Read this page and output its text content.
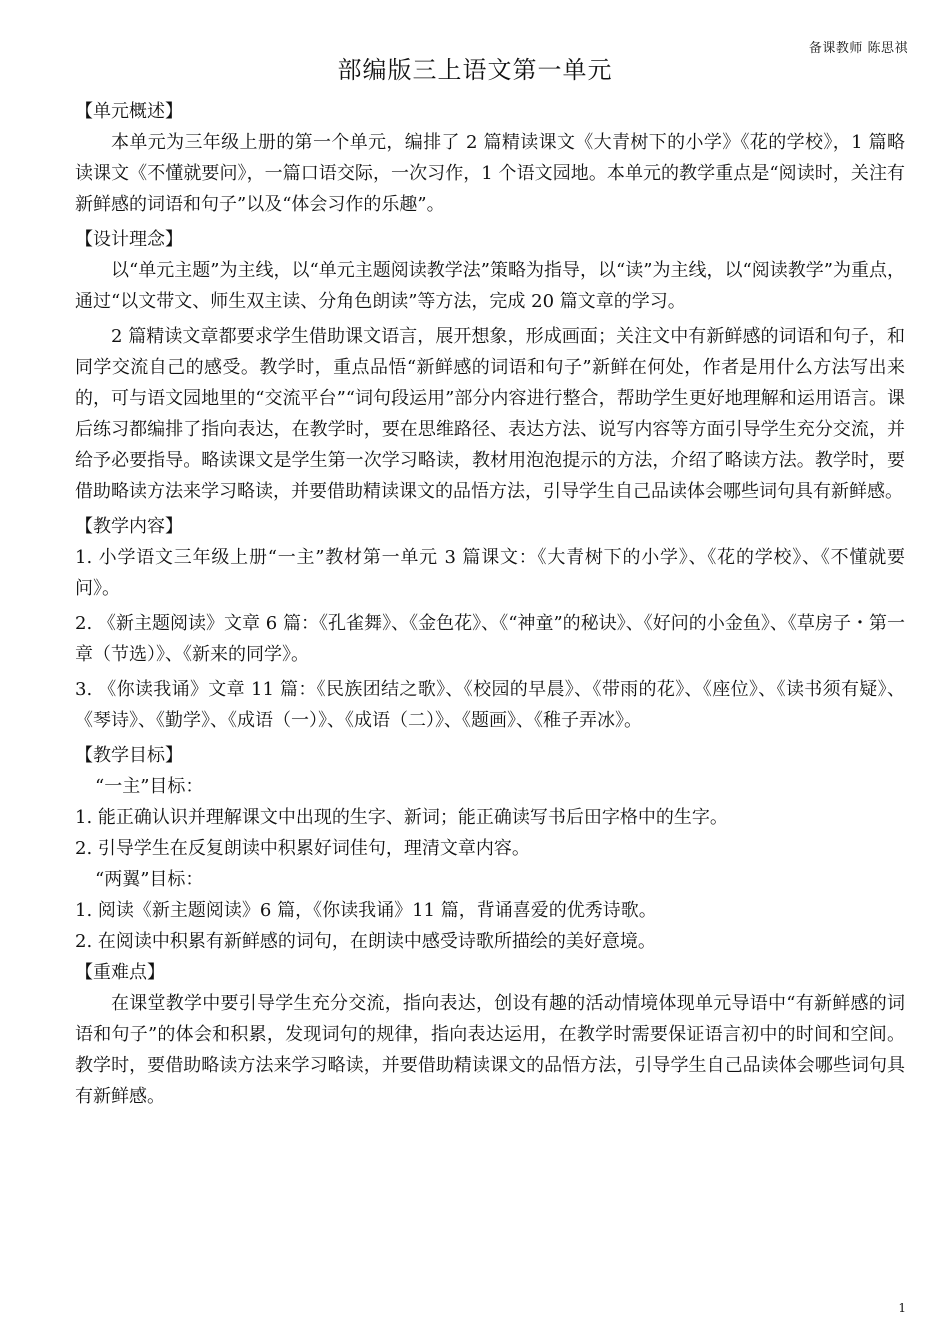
备课教师 陈思祺
部编版三上语文第一单元
【单元概述】

本单元为三年级上册的第一个单元，编排了 2 篇精读课文《大青树下的小学》《花的学校》，1 篇略读课文《不懂就要问》，一篇口语交际，一次习作，1 个语文园地。本单元的教学重点是“阅读时，关注有新鲜感的词语和句子”以及“体会习作的乐趣”。

【设计理念】

以“单元主题”为主线，以“单元主题阅读教学法”策略为指导，以“读”为主线，以“阅读教学”为重点，通过“以文带文、师生双主读、分角色朗读”等方法，完成 20 篇文章的学习。

2 篇精读文章都要求学生借助课文语言，展开想象，形成画面；关注文中有新鲜感的词语和句子，和同学交流自己的感受。教学时，重点品悟“新鲜感的词语和句子”新鲜在何处，作者是用什么方法写出来的，可与语文园地里的“交流平台”“词句段运用”部分内容进行整合，帮助学生更好地理解和运用语言。课后练习都编排了指向表达，在教学时，要在思维路径、表达方法、说写内容等方面引导学生充分交流，并给予必要指导。略读课文是学生第一次学习略读，教材用泡泡提示的方法，介绍了略读方法。教学时，要借助略读方法来学习略读，并要借助精读课文的品悟方法，引导学生自己品读体会哪些词句具有新鲜感。

【教学内容】

1. 小学语文三年级上册“一主”教材第一单元 3 篇课文：《大青树下的小学》、《花的学校》、《不懂就要问》。

2. 《新主题阅读》文章 6 篇：《孔雀舞》、《金色花》、《“神童”的秘诀》、《好问的小金鱼》、《草房子・第一章（节选）》、《新来的同学》。

3. 《你读我诵》文章 11 篇：《民族团结之歌》、《校园的早晨》、《带雨的花》、《座位》、《读书须有疑》、《琴诗》、《勤学》、《成语（一）》、《成语（二）》、《题画》、《稚子弄冰》。

【教学目标】
“一主”目标：
1. 能正确认识并理解课文中出现的生字、新词；能正确读写书后田字格中的生字。
2. 引导学生在反复朗读中积累好词佳句，理清文章内容。
“两翼”目标：
1. 阅读《新主题阅读》6 篇，《你读我诵》11 篇，背诵喜爱的优秀诗歌。
2. 在阅读中积累有新鲜感的词句，在朗读中感受诗歌所描绘的美好意境。
【重难点】

在课堂教学中要引导学生充分交流，指向表达，创设有趣的活动情境体现单元导语中“有新鲜感的词语和句子”的体会和积累，发现词句的规律，指向表达运用，在教学时需要保证语言初中的时间和空间。教学时，要借助略读方法来学习略读，并要借助精读课文的品悟方法，引导学生自己品读体会哪些词句具有新鲜感。

1
